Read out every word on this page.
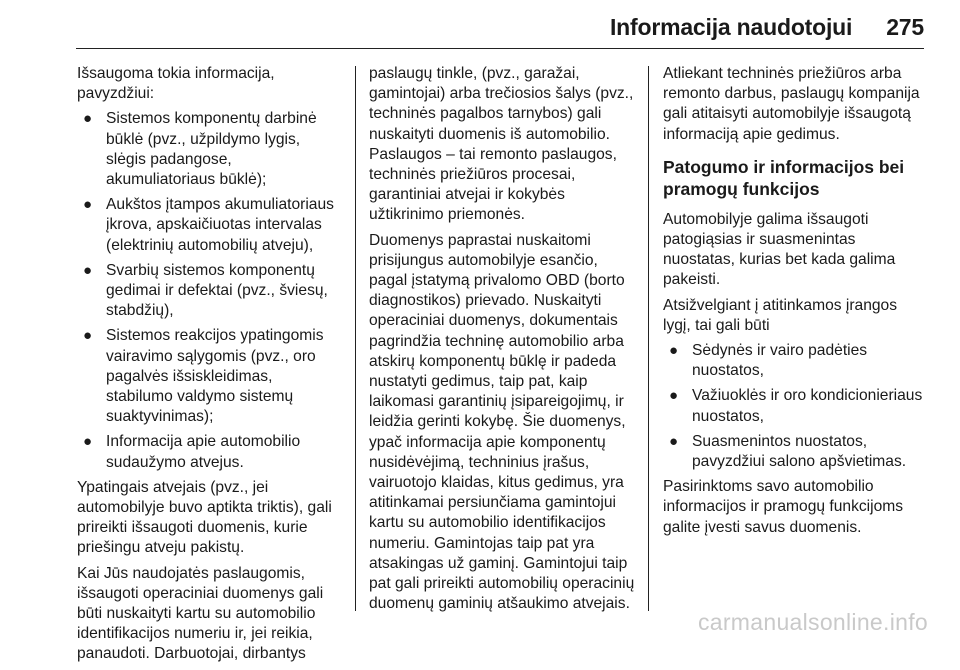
Informacija naudotojui 275

Išsaugoma tokia informacija, pavyzdžiui:

● Sistemos komponentų darbinė būklė (pvz., užpildymo lygis, slėgis padangose, akumuliatoriaus būklė);
● Aukštos įtampos akumuliatoriaus įkrova, apskaičiuotas intervalas (elektrinių automobilių atveju),
● Svarbių sistemos komponentų gedimai ir defektai (pvz., šviesų, stabdžių),
● Sistemos reakcijos ypatingomis vairavimo sąlygomis (pvz., oro pagalvės išsiskleidimas, stabilumo valdymo sistemų suaktyvinimas);
● Informacija apie automobilio sudaužymo atvejus.

Ypatingais atvejais (pvz., jei automobilyje buvo aptikta triktis), gali prireikti išsaugoti duomenis, kurie priešingu atveju pakistų.

Kai Jūs naudojatės paslaugomis, išsaugoti operaciniai duomenys gali būti nuskaityti kartu su automobilio identifikacijos numeriu ir, jei reikia, panaudoti. Darbuotojai, dirbantys

paslaugų tinkle, (pvz., garažai, gamintojai) arba trečiosios šalys (pvz., techninės pagalbos tarnybos) gali nuskaityti duomenis iš automobilio. Paslaugos – tai remonto paslaugos, techninės priežiūros procesai, garantiniai atvejai ir kokybės užtikrinimo priemonės.

Duomenys paprastai nuskaitomi prisijungus automobilyje esančio, pagal įstatymą privalomo OBD (borto diagnostikos) prievado. Nuskaityti operaciniai duomenys, dokumentais pagrindžia techninę automobilio arba atskirų komponentų būklę ir padeda nustatyti gedimus, taip pat, kaip laikomasi garantinių įsipareigojimų, ir leidžia gerinti kokybę. Šie duomenys, ypač informacija apie komponentų nusidėvėjimą, techninius įrašus, vairuotojo klaidas, kitus gedimus, yra atitinkamai persiunčiama gamintojui kartu su automobilio identifikacijos numeriu. Gamintojas taip pat yra atsakingas už gaminį. Gamintojui taip pat gali prireikti automobilių operacinių duomenų gaminių atšaukimo atvejais.

Atliekant techninės priežiūros arba remonto darbus, paslaugų kompanija gali atitaisyti automobilyje išsaugotą informaciją apie gedimus.

Patogumo ir informacijos bei pramogų funkcijos

Automobilyje galima išsaugoti patogiąsias ir suasmenintas nuostatas, kurias bet kada galima pakeisti.

Atsižvelgiant į atitinkamos įrangos lygį, tai gali būti

● Sėdynės ir vairo padėties nuostatos,
● Važiuoklės ir oro kondicionieriaus nuostatos,
● Suasmenintos nuostatos, pavyzdžiui salono apšvietimas.

Pasirinktoms savo automobilio informacijos ir pramogų funkcijoms galite įvesti savus duomenis.

carmanualsonline.info
